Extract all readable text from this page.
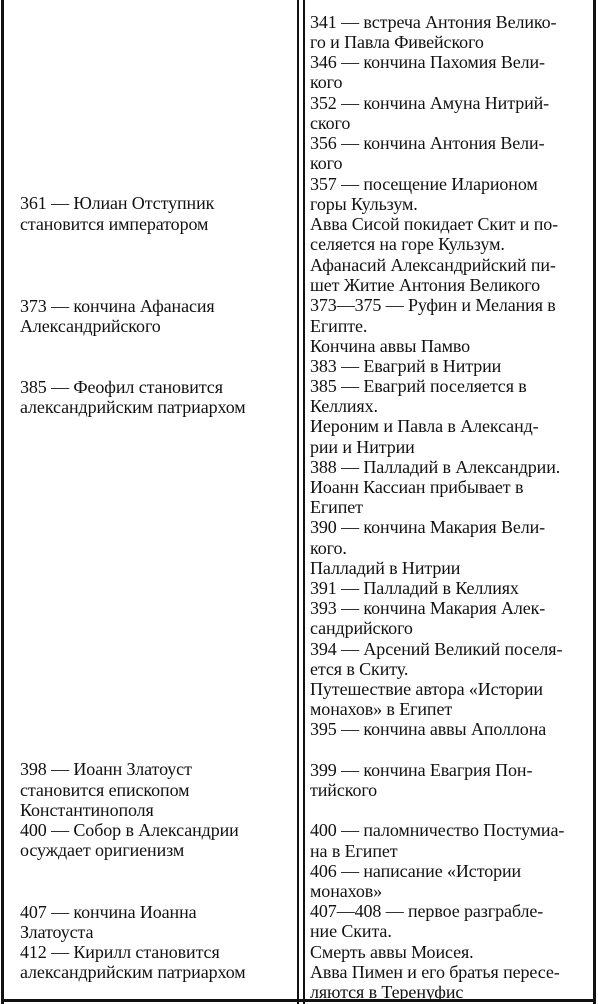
361 — Юлиан Отступник
становится императором
373 — кончина Афанасия
Александрийского
385 — Феофил становится
александрийским патриархом
398 — Иоанн Златоуст
становится епископом
Константинополя
400 — Собор в Александрии
осуждает оригиенизм
407 — кончина Иоанна
Златоуста
412 — Кирилл становится
александрийским патриархом
341 — встреча Антония Велико-
го и Павла Фивейского
346 — кончина Пахомия Вели-
кого
352 — кончина Амуна Нитрий-
ского
356 — кончина Антония Вели-
кого
357 — посещение Иларионом
горы Кульзум.
Авва Сисой покидает Скит и по-
селяется на горе Кульзум.
Афанасий Александрийский пи-
шет Житие Антония Великого
373—375 — Руфин и Мелания в
Египте.
Кончина аввы Памво
383 — Евагрий в Нитрии
385 — Евагрий поселяется в
Келлиях.
Иероним и Павла в Александ-
рии и Нитрии
388 — Палладий в Александрии.
Иоанн Кассиан прибывает в
Египет
390 — кончина Макария Вели-
кого.
Палладий в Нитрии
391 — Палладий в Келлиях
393 — кончина Макария Алек-
сандрийского
394 — Арсений Великий поселя-
ется в Скиту.
Путешествие автора «Истории
монахов» в Египет
395 — кончина аввы Аполлона
399 — кончина Евагрия Пон-
тийского
400 — паломничество Постумиа-
на в Египет
406 — написание «Истории
монахов»
407—408 — первое разграбле-
ние Скита.
Смерть аввы Моисея.
Авва Пимен и его братья пересе-
ляются в Теренуфис
